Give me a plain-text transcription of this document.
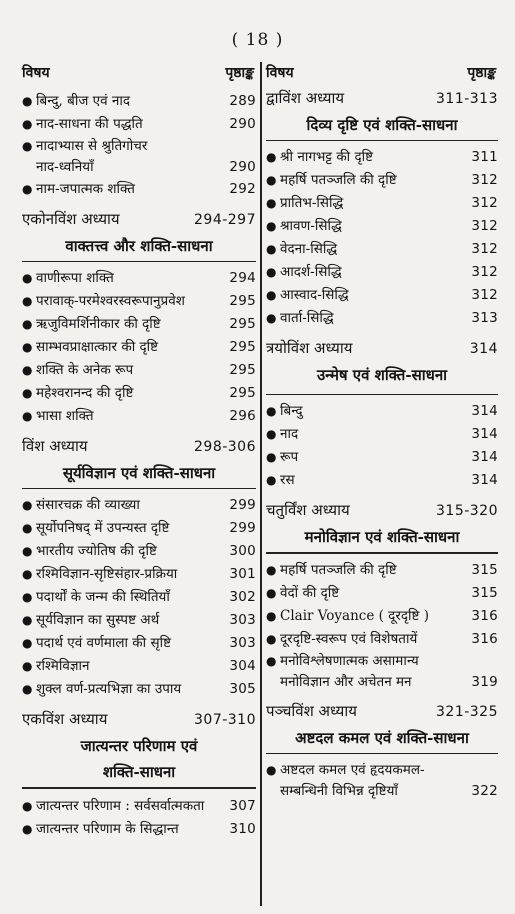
( 18 )
विषय	पृष्ठाङ्क
● बिन्दु, बीज एवं नाद	289
● नाद-साधना की पद्धति	290
● नादाभ्यास से श्रुतिगोचर
नाद-ध्वनियाँ	290
● नाम-जपात्मक शक्ति	292
एकोनविंश अध्याय	294-297
वाक्तत्त्व और शक्ति-साधना
● वाणीरूपा शक्ति	294
● परावाक्-परमेश्वरस्वरूपानुप्रवेश	295
● ऋजुविमर्शिनीकार की दृष्टि	295
● साम्भवप्राक्षात्कार की दृष्टि	295
● शक्ति के अनेक रूप	295
● महेश्वरानन्द की दृष्टि	295
● भासा शक्ति	296
विंश अध्याय	298-306
सूर्यविज्ञान एवं शक्ति-साधना
● संसारचक्र की व्याख्या	299
● सूर्योपनिषद् में उपन्यस्त दृष्टि	299
● भारतीय ज्योतिष की दृष्टि	300
● रश्मिविज्ञान-सृष्टिसंहार-प्रक्रिया	301
● पदार्थों के जन्म की स्थितियाँ	302
● सूर्यविज्ञान का सुस्पष्ट अर्थ	303
● पदार्थ एवं वर्णमाला की सृष्टि	303
● रश्मिविज्ञान	304
● शुक्ल वर्ण-प्रत्यभिज्ञा का उपाय	305
एकविंश अध्याय	307-310
जात्यन्तर परिणाम एवं
शक्ति-साधना
● जात्यन्तर परिणाम : सर्वसर्वात्मकता 307
● जात्यन्तर परिणाम के सिद्धान्त	310
विषय	पृष्ठाङ्क
द्वाविंश अध्याय	311-313
दिव्य दृष्टि एवं शक्ति-साधना
● श्री नागभट्ट की दृष्टि	311
● महर्षि पतञ्जलि की दृष्टि	312
● प्रातिभ-सिद्धि	312
● श्रावण-सिद्धि	312
● वेदना-सिद्धि	312
● आदर्श-सिद्धि	312
● आस्वाद-सिद्धि	312
● वार्ता-सिद्धि	313
त्रयोविंश अध्याय	314
उन्मेष एवं शक्ति-साधना
● बिन्दु	314
● नाद	314
● रूप	314
● रस	314
चतुर्विंश अध्याय	315-320
मनोविज्ञान एवं शक्ति-साधना
● महर्षि पतञ्जलि की दृष्टि	315
● वेदों की दृष्टि	315
● Clair Voyance ( दूरदृष्टि )	316
● दूरदृष्टि-स्वरूप एवं विशेषतायें	316
● मनोविश्लेषणात्मक असामान्य
मनोविज्ञान और अचेतन मन	319
पञ्चविंश अध्याय	321-325
अष्टदल कमल एवं शक्ति-साधना
● अष्टदल कमल एवं हृदयकमल-
सम्बन्धिनी विभिन्न दृष्टियाँ	322
